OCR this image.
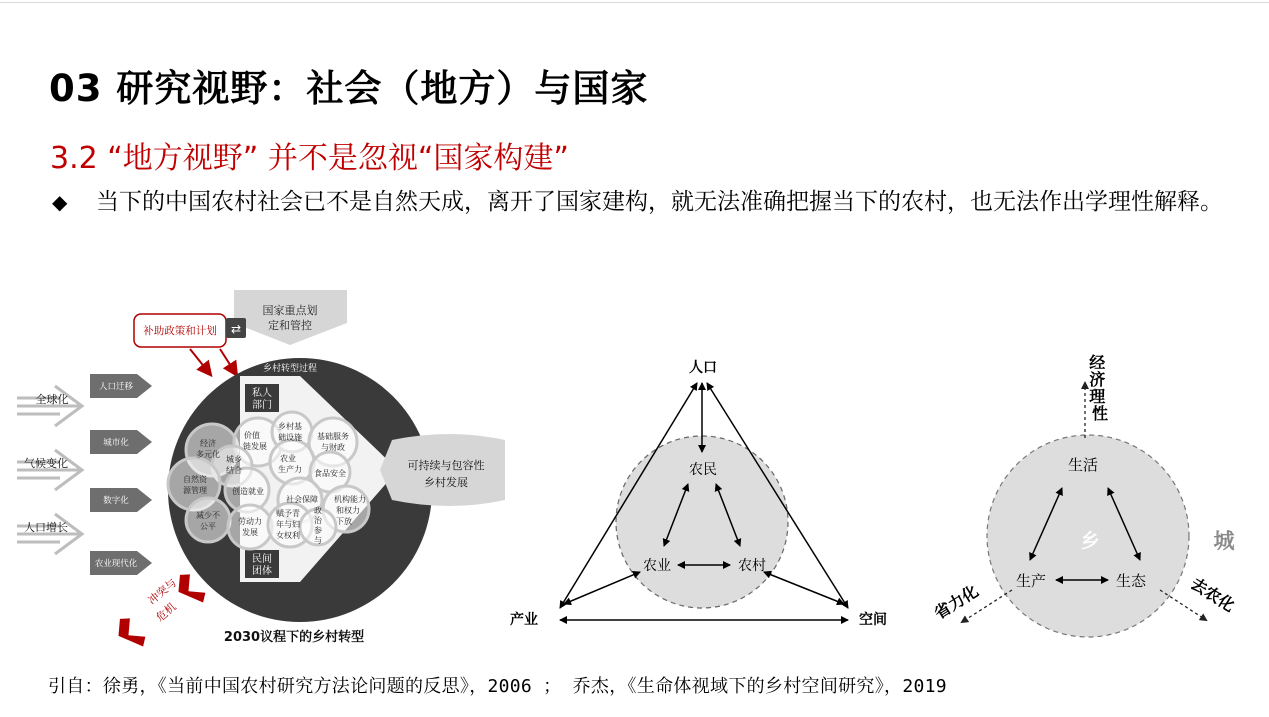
03 研究视野：社会（地方）与国家
3.2 “地方视野” 并不是忽视“国家构建”
◆ 当下的中国农村社会已不是自然天成，离开了国家建构，就无法准确把握当下的农村，也无法作出学理性解释。
国家重点划
定和管控
补助政策和计划 ⇄
乡村转型过程
私人
部门
民间
团体
经济
多元化
价值
链发展
乡村基
础设施 基础服务
与财政
城乡
结合
农业
生产力 食品安全
自然资
源管理	创造就业
社会保障 机构能力
和权力
下放
减少不
公平
劳动力
发展
赋予青
年与妇
女权利
政
治
参
与
可持续与包容性
乡村发展
全球化
气候变化
人口增长
人口迁移
城市化
数字化
农业现代化
冲突与
危机
2030议程下的乡村转型
人口
产业	空间
农民
农业	农村
经 济 理 性
生活
生产	生态
乡	城
省力化	去农化
引自：徐勇，《当前中国农村研究方法论问题的反思》，2006 ； 乔杰，《生命体视域下的乡村空间研究》，2019
